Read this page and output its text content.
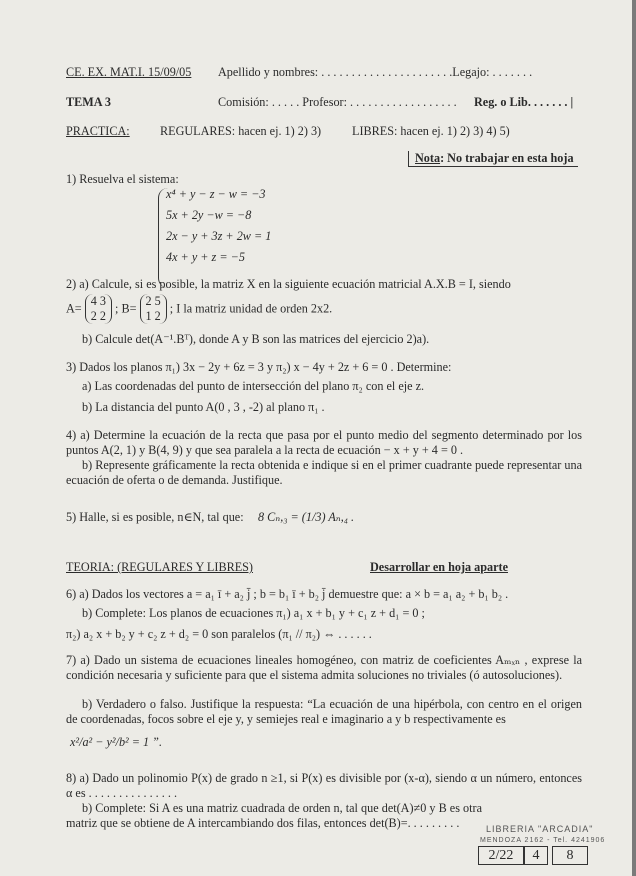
CE. EX. MAT.I. 15/09/05 Apellido y nombres: . . . . . . . . . . . . . . . . . . . . . .Legajo: . . . . . . .
TEMA 3	Comisión: . . . . . Profesor: . . . . . . . . . . . . . . . . . . Reg. o Lib. . . . . . . |
PRACTICA: REGULARES: hacen ej. 1) 2) 3)	LIBRES: hacen ej. 1) 2) 3) 4) 5)
Nota: No trabajar en esta hoja
1) Resuelva el sistema:
x⁴ + y − z − w = −3
5x + 2y −w = −8
2x − y + 3z + 2w = 1
4x + y + z = −5
2) a) Calcule, si es posible, la matriz X en la siguiente ecuación matricial A.X.B = I, siendo
A=
4 3
2 2
; B=
2 5
1 2
; I la matriz unidad de orden 2x2.
b) Calcule det(A⁻¹.Bᵀ), donde A y B son las matrices del ejercicio 2)a).
3) Dados los planos π₁) 3x − 2y + 6z = 3 y π₂) x − 4y + 2z + 6 = 0 . Determine:
a) Las coordenadas del punto de intersección del plano π₂ con el eje z.
b) La distancia del punto A(0 , 3 , -2) al plano π₁ .
4) a) Determine la ecuación de la recta que pasa por el punto medio del segmento determinado por los puntos A(2, 1) y B(4, 9) y que sea paralela a la recta de ecuación − x + y + 4 = 0 .
b) Represente gráficamente la recta obtenida e indique si en el primer cuadrante puede representar una ecuación de oferta o de demanda. Justifique.
5) Halle, si es posible, n∈N, tal que: 8 Cₙ,₃ = (1/3) Aₙ,₄ .
TEORIA: (REGULARES Y LIBRES)	Desarrollar en hoja aparte
6) a) Dados los vectores a = a₁ ī + a₂ j̄ ; b = b₁ ī + b₂ j̄ demuestre que: a × b = a₁ a₂ + b₁ b₂ .
b) Complete: Los planos de ecuaciones π₁) a₁ x + b₁ y + c₁ z + d₁ = 0 ;
π₂) a₂ x + b₂ y + c₂ z + d₂ = 0 son paralelos (π₁ // π₂) ⇔ . . . . . .
7) a) Dado un sistema de ecuaciones lineales homogéneo, con matriz de coeficientes Aₘₓₙ , exprese la condición necesaria y suficiente para que el sistema admita soluciones no triviales (ó autosoluciones).
b) Verdadero o falso. Justifique la respuesta: “La ecuación de una hipérbola, con centro en el origen de coordenadas, focos sobre el eje y, y semiejes real e imaginario a y b respectivamente es
x²/a² − y²/b² = 1 ”.
8) a) Dado un polinomio P(x) de grado n ≥1, si P(x) es divisible por (x-α), siendo α un número, entonces α es . . . . . . . . . . . . . . .
b) Complete: Si A es una matriz cuadrada de orden n, tal que det(A)≠0 y B es otra matriz que se obtiene de A intercambiando dos filas, entonces det(B)=. . . . . . . . .	LIBRERIA "ARCADIA"
MENDOZA 2162 - Tel. 4241906
2/22	4	8
